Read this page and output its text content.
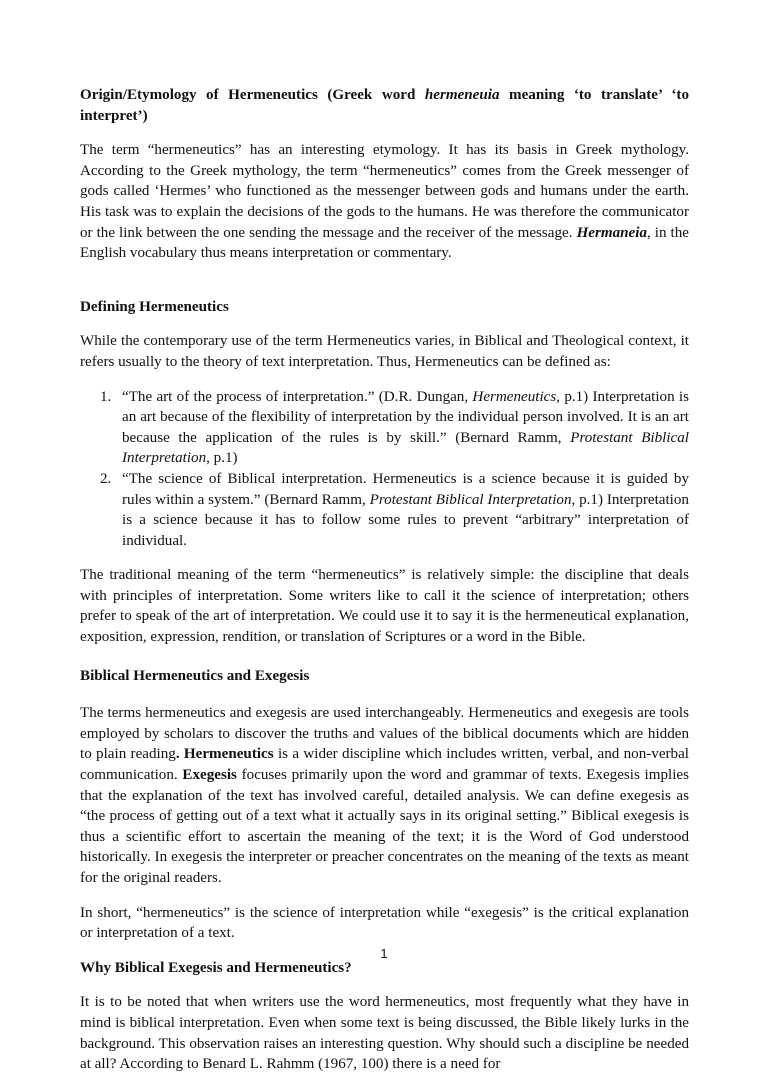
Origin/Etymology of Hermeneutics (Greek word hermeneuia meaning ‘to translate’ ‘to interpret’)

The term “hermeneutics” has an interesting etymology. It has its basis in Greek mythology. According to the Greek mythology, the term “hermeneutics” comes from the Greek messenger of gods called ‘Hermes’ who functioned as the messenger between gods and humans under the earth. His task was to explain the decisions of the gods to the humans. He was therefore the communicator or the link between the one sending the message and the receiver of the message. Hermaneia, in the English vocabulary thus means interpretation or commentary.

Defining Hermeneutics

While the contemporary use of the term Hermeneutics varies, in Biblical and Theological context, it refers usually to the theory of text interpretation. Thus, Hermeneutics can be defined as:

1. “The art of the process of interpretation.” (D.R. Dungan, Hermeneutics, p.1) Interpretation is an art because of the flexibility of interpretation by the individual person involved. It is an art because the application of the rules is by skill.” (Bernard Ramm, Protestant Biblical Interpretation, p.1)
2. “The science of Biblical interpretation. Hermeneutics is a science because it is guided by rules within a system.” (Bernard Ramm, Protestant Biblical Interpretation, p.1) Interpretation is a science because it has to follow some rules to prevent “arbitrary” interpretation of individual.

The traditional meaning of the term “hermeneutics” is relatively simple: the discipline that deals with principles of interpretation. Some writers like to call it the science of interpretation; others prefer to speak of the art of interpretation. We could use it to say it is the hermeneutical explanation, exposition, expression, rendition, or translation of Scriptures or a word in the Bible.

Biblical Hermeneutics and Exegesis

The terms hermeneutics and exegesis are used interchangeably. Hermeneutics and exegesis are tools employed by scholars to discover the truths and values of the biblical documents which are hidden to plain reading. Hermeneutics is a wider discipline which includes written, verbal, and non-verbal communication. Exegesis focuses primarily upon the word and grammar of texts. Exegesis implies that the explanation of the text has involved careful, detailed analysis. We can define exegesis as “the process of getting out of a text what it actually says in its original setting.” Biblical exegesis is thus a scientific effort to ascertain the meaning of the text; it is the Word of God understood historically. In exegesis the interpreter or preacher concentrates on the meaning of the texts as meant for the original readers.

In short, “hermeneutics” is the science of interpretation while “exegesis” is the critical explanation or interpretation of a text.

Why Biblical Exegesis and Hermeneutics?

It is to be noted that when writers use the word hermeneutics, most frequently what they have in mind is biblical interpretation. Even when some text is being discussed, the Bible likely lurks in the background. This observation raises an interesting question. Why should such a discipline be needed at all? According to Benard L. Rahmm (1967, 100) there is a need for

1
